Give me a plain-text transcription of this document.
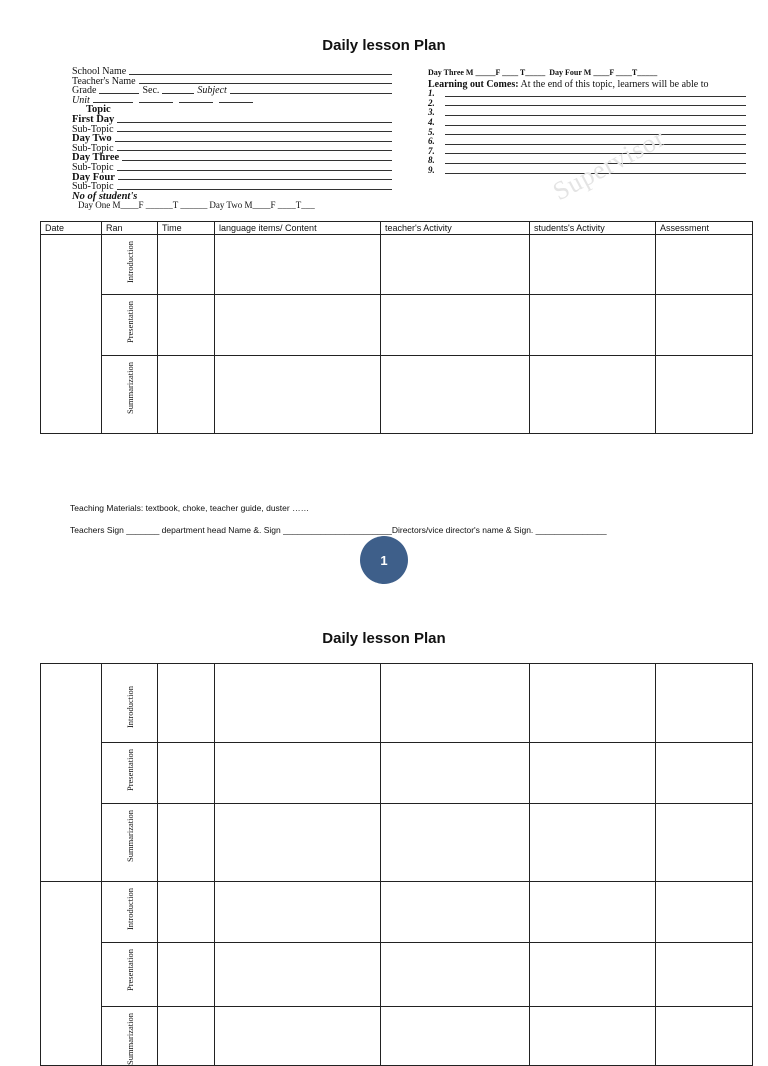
Daily lesson Plan
School Name
Teacher's Name
Grade	Sec.	Subject
Unit
Topic
First Day
Sub-Topic
Day Two
Sub-Topic
Day Three
Sub-Topic
Day Four
Sub-Topic
No of student's
Day One M____F ______T ______ Day Two M____F ____T___
Day Three M _____F ____ T_____ Day Four M ____F ____T_____
Learning out Comes: At the end of this topic, learners will be able to
1.
2.
3.
4.
5.
6.
7.
8.
9.	Supervisor
Date	Ran	Time	language items/ Content	teacher's Activity	students's Activity	Assessment

	Introduction					

	Presentation					

	Summarization					

Teaching Materials: textbook, choke, teacher guide, duster ……
Teachers Sign _______ department head Name &. Sign _______________________Directors/vice director's name & Sign. _______________
1
Daily lesson Plan

	Introduction					

	Presentation					

	Summarization					

	Introduction					

	Presentation					

	Summarization					
